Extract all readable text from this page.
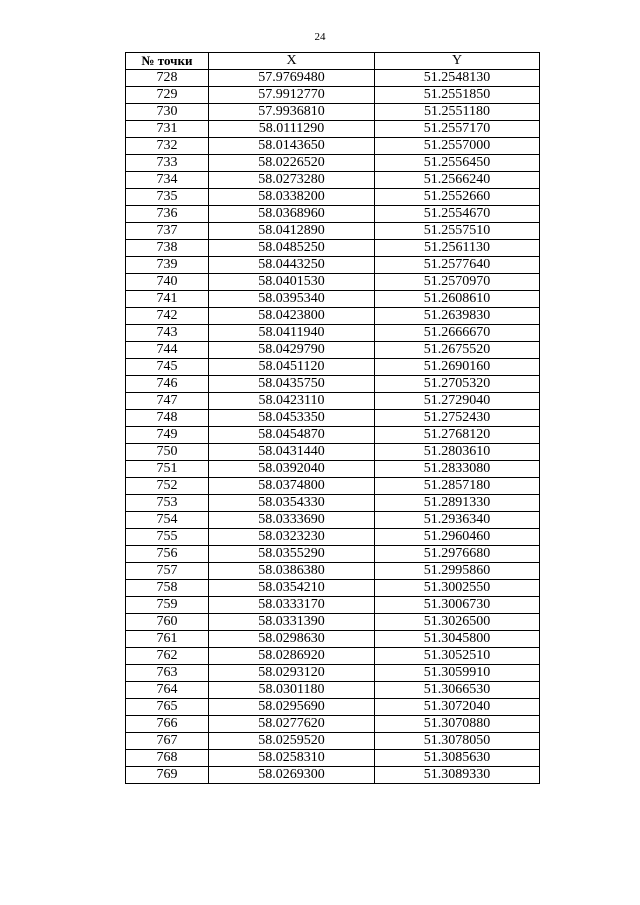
24
№ точки	X	Y
728	57.9769480	51.2548130
729	57.9912770	51.2551850
730	57.9936810	51.2551180
731	58.0111290	51.2557170
732	58.0143650	51.2557000
733	58.0226520	51.2556450
734	58.0273280	51.2566240
735	58.0338200	51.2552660
736	58.0368960	51.2554670
737	58.0412890	51.2557510
738	58.0485250	51.2561130
739	58.0443250	51.2577640
740	58.0401530	51.2570970
741	58.0395340	51.2608610
742	58.0423800	51.2639830
743	58.0411940	51.2666670
744	58.0429790	51.2675520
745	58.0451120	51.2690160
746	58.0435750	51.2705320
747	58.0423110	51.2729040
748	58.0453350	51.2752430
749	58.0454870	51.2768120
750	58.0431440	51.2803610
751	58.0392040	51.2833080
752	58.0374800	51.2857180
753	58.0354330	51.2891330
754	58.0333690	51.2936340
755	58.0323230	51.2960460
756	58.0355290	51.2976680
757	58.0386380	51.2995860
758	58.0354210	51.3002550
759	58.0333170	51.3006730
760	58.0331390	51.3026500
761	58.0298630	51.3045800
762	58.0286920	51.3052510
763	58.0293120	51.3059910
764	58.0301180	51.3066530
765	58.0295690	51.3072040
766	58.0277620	51.3070880
767	58.0259520	51.3078050
768	58.0258310	51.3085630
769	58.0269300	51.3089330
